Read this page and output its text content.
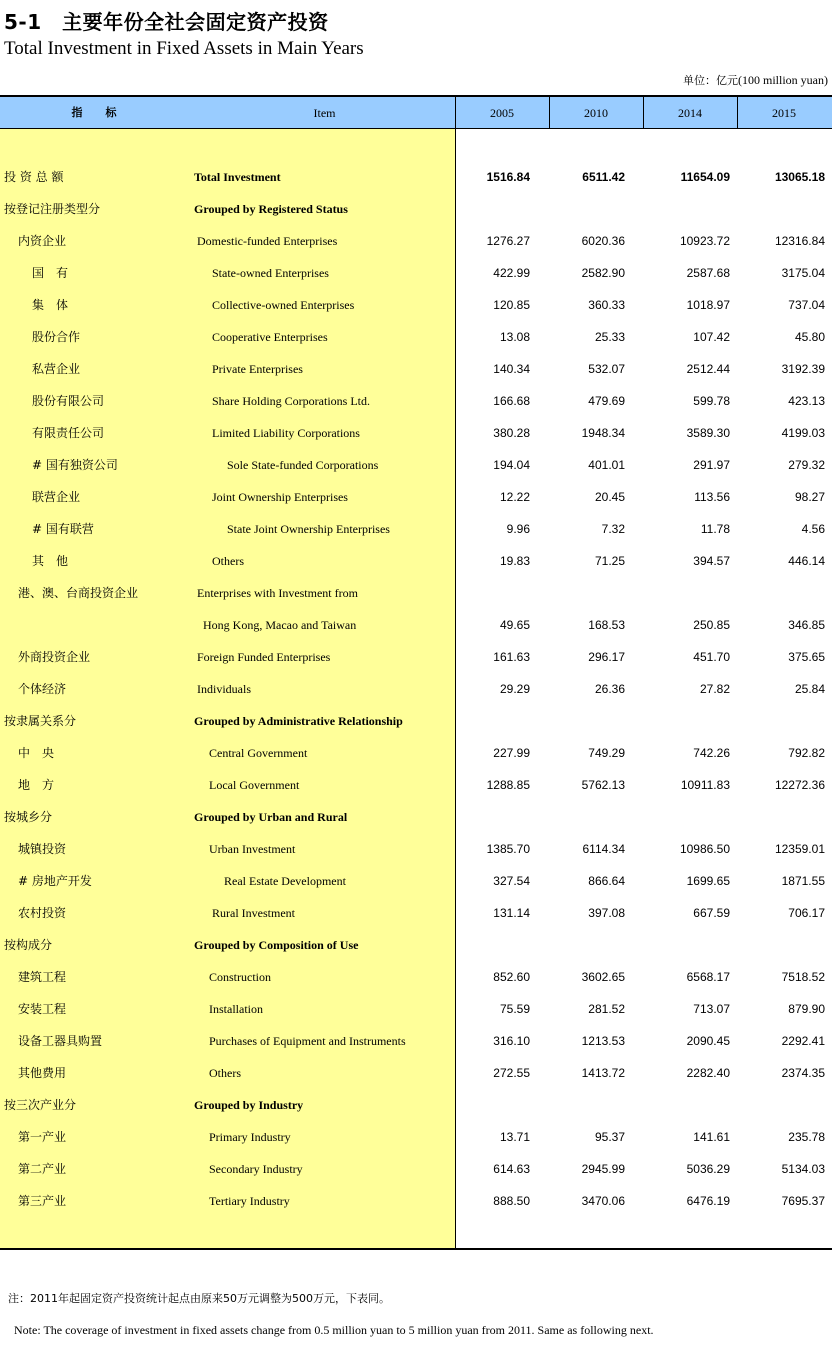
5-1　主要年份全社会固定资产投资
Total Investment in Fixed Assets in Main Years
单位：亿元(100 million yuan)
指　标	Item	2005	2010	2014	2015
投 资 总 额	Total Investment	1516.84	6511.42	11654.09	13065.18
按登记注册类型分	Grouped by Registered Status
内资企业	Domestic-funded Enterprises	1276.27	6020.36	10923.72	12316.84
国　有	State-owned Enterprises	422.99	2582.90	2587.68	3175.04
集　体	Collective-owned Enterprises	120.85	360.33	1018.97	737.04
股份合作	Cooperative Enterprises	13.08	25.33	107.42	45.80
私营企业	Private Enterprises	140.34	532.07	2512.44	3192.39
股份有限公司	Share Holding Corporations Ltd.	166.68	479.69	599.78	423.13
有限责任公司	Limited Liability Corporations	380.28	1948.34	3589.30	4199.03
# 国有独资公司	Sole State-funded Corporations	194.04	401.01	291.97	279.32
联营企业	Joint Ownership Enterprises	12.22	20.45	113.56	98.27
# 国有联营	State Joint Ownership Enterprises	9.96	7.32	11.78	4.56
其　他	Others	19.83	71.25	394.57	446.14
港、澳、台商投资企业	Enterprises with Investment from
Hong Kong, Macao and Taiwan	49.65	168.53	250.85	346.85
外商投资企业	Foreign Funded Enterprises	161.63	296.17	451.70	375.65
个体经济	Individuals	29.29	26.36	27.82	25.84
按隶属关系分	Grouped by Administrative Relationship
中　央	Central Government	227.99	749.29	742.26	792.82
地　方	Local Government	1288.85	5762.13	10911.83	12272.36
按城乡分	Grouped by Urban and Rural
城镇投资	Urban Investment	1385.70	6114.34	10986.50	12359.01
# 房地产开发	Real Estate Development	327.54	866.64	1699.65	1871.55
农村投资	Rural Investment	131.14	397.08	667.59	706.17
按构成分	Grouped by Composition of Use
建筑工程	Construction	852.60	3602.65	6568.17	7518.52
安装工程	Installation	75.59	281.52	713.07	879.90
设备工器具购置	Purchases of Equipment and Instruments	316.10	1213.53	2090.45	2292.41
其他费用	Others	272.55	1413.72	2282.40	2374.35
按三次产业分	Grouped by Industry
第一产业	Primary Industry	13.71	95.37	141.61	235.78
第二产业	Secondary Industry	614.63	2945.99	5036.29	5134.03
第三产业	Tertiary Industry	888.50	3470.06	6476.19	7695.37
注：2011年起固定资产投资统计起点由原来50万元调整为500万元，下表同。
Note: The coverage of investment in fixed assets change from 0.5 million yuan to 5 million yuan from 2011. Same as following next.
